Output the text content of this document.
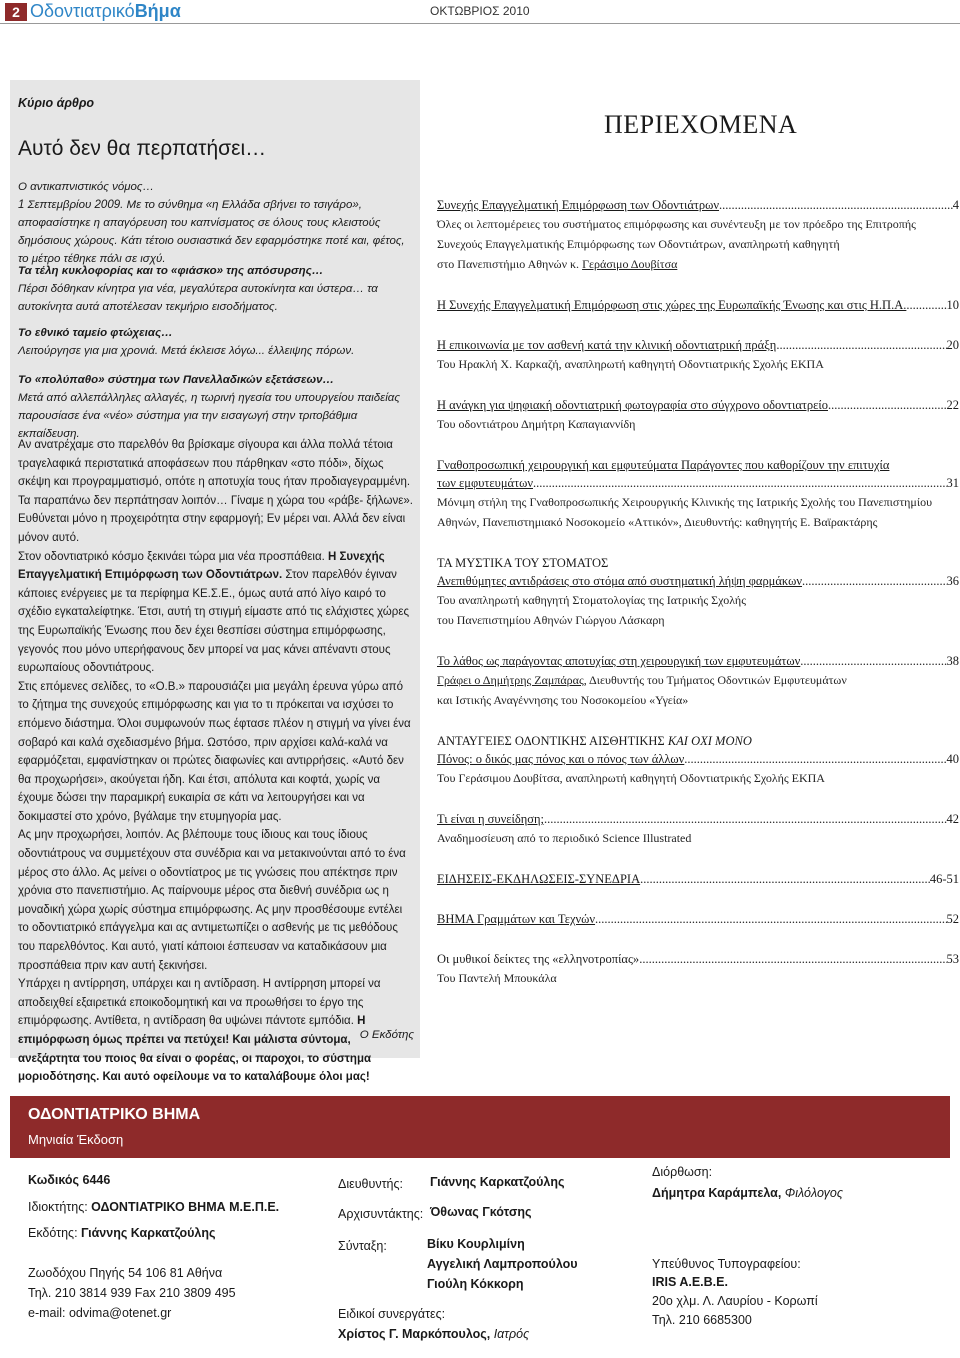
2 ΟδοντιατρικόΒήμα	ΟΚΤΩΒΡΙΟΣ 2010
Κύριο άρθρο
Αυτό δεν θα περπατήσει…
Ο αντικαπνιστικός νόμος…
1 Σεπτεμβρίου 2009. Με το σύνθημα «η Ελλάδα σβήνει το τσιγάρο», αποφασίστηκε η απαγόρευση του καπνίσματος σε όλους τους κλειστούς δημόσιους χώρους. Κάτι τέτοιο ουσιαστικά δεν εφαρμόστηκε ποτέ και, φέτος, το μέτρο τέθηκε πάλι σε ισχύ.
Τα τέλη κυκλοφορίας και το «φιάσκο» της απόσυρσης…
Πέρσι δόθηκαν κίνητρα για νέα, μεγαλύτερα αυτοκίνητα και ύστερα… τα αυτοκίνητα αυτά αποτέλεσαν τεκμήριο εισοδήματος.
Το εθνικό ταμείο φτώχειας…
Λειτούργησε για μια χρονιά. Μετά έκλεισε λόγω... έλλειψης πόρων.
Το «πολύπαθο» σύστημα των Πανελλαδικών εξετάσεων…
Μετά από αλλεπάλληλες αλλαγές, η τωρινή ηγεσία του υπουργείου παιδείας παρουσίασε ένα «νέο» σύστημα για την εισαγωγή στην τριτοβάθμια εκπαίδευση.

Αν ανατρέχαμε στο παρελθόν θα βρίσκαμε σίγουρα και άλλα πολλά τέτοια τραγελαφικά περιστατικά αποφάσεων που πάρθηκαν «στο πόδι», δίχως σκέψη και προγραμματισμό, οπότε η αποτυχία τους ήταν προδιαγεγραμμένη.

Τα παραπάνω δεν περπάτησαν λοιπόν… Γίναμε η χώρα του «ράβε- ξήλωνε». Ευθύνεται μόνο η προχειρότητα στην εφαρμογή; Εν μέρει ναι. Αλλά δεν είναι μόνον αυτό.

Στον οδοντιατρικό κόσμο ξεκινάει τώρα μια νέα προσπάθεια. Η Συνεχής Επαγγελματική Επιμόρφωση των Οδοντιάτρων. Στον παρελθόν έγιναν κάποιες ενέργειες με τα περίφημα ΚΕ.Σ.Ε., όμως αυτά από λίγο καιρό το σχέδιο εγκαταλείφτηκε. Έτσι, αυτή τη στιγμή είμαστε από τις ελάχιστες χώρες της Ευρωπαϊκής Ένωσης που δεν έχει θεσπίσει σύστημα επιμόρφωσης, γεγονός που μόνο υπερήφανους δεν μπορεί να μας κάνει απέναντι στους ευρωπαίους οδοντιάτρους.

Στις επόμενες σελίδες, το «Ο.Β.» παρουσιάζει μια μεγάλη έρευνα γύρω από το ζήτημα της συνεχούς επιμόρφωσης και για το τι πρόκειται να ισχύσει το επόμενο διάστημα. Όλοι συμφωνούν πως έφτασε πλέον η στιγμή να γίνει ένα σοβαρό και καλά σχεδιασμένο βήμα. Ωστόσο, πριν αρχίσει καλά-καλά να εφαρμόζεται, εμφανίστηκαν οι πρώτες διαφωνίες και αντιρρήσεις. «Αυτό δεν θα προχωρήσει», ακούγεται ήδη. Και έτσι, απόλυτα και κοφτά, χωρίς να έχουμε δώσει την παραμικρή ευκαιρία σε κάτι να λειτουργήσει και να δοκιμαστεί στο χρόνο, βγάλαμε την ετυμηγορία μας.

Ας μην προχωρήσει, λοιπόν. Ας βλέπουμε τους ίδιους και τους ίδιους οδοντιάτρους να συμμετέχουν στα συνέδρια και να μετακινούνται από το ένα μέρος στο άλλο. Ας μείνει ο οδοντίατρος με τις γνώσεις που απέκτησε πριν χρόνια στο πανεπιστήμιο. Ας παίρνουμε μέρος στα διεθνή συνέδρια ως η μοναδική χώρα χωρίς σύστημα επιμόρφωσης. Ας μην προσθέσουμε εντέλει το οδοντιατρικό επάγγελμα και ας αντιμετωπίζει ο ασθενής με τις μεθόδους του παρελθόντος. Και αυτό, γιατί κάποιοι έσπευσαν να καταδικάσουν μια προσπάθεια πριν καν αυτή ξεκινήσει.

Υπάρχει η αντίρρηση, υπάρχει και η αντίδραση. Η αντίρρηση μπορεί να αποδειχθεί εξαιρετικά εποικοδομητική και να προωθήσει το έργο της επιμόρφωσης. Αντίθετα, η αντίδραση θα υψώνει πάντοτε εμπόδια. Η επιμόρφωση όμως πρέπει να πετύχει! Και μάλιστα σύντομα, ανεξάρτητα του ποιος θα είναι ο φορέας, οι παροχοι, το σύστημα μοριοδότησης. Και αυτό οφείλουμε να το καταλάβουμε όλοι μας!

Ο Εκδότης
ΠΕΡΙΕΧΟΜΕΝΑ
Συνεχής Επαγγελματική Επιμόρφωση των Οδοντιάτρων .....	4
Όλες οι λεπτομέρειες του συστήματος επιμόρφωσης και συνέντευξη με τον πρόεδρο της Επιτροπής
Συνεχούς Επαγγελματικής Επιμόρφωσης των Οδοντιάτρων, αναπληρωτή καθηγητή
στο Πανεπιστήμιο Αθηνών κ. Γεράσιμο Δουβίτσα
Η Συνεχής Επαγγελματική Επιμόρφωση στις χώρες της Ευρωπαϊκής Ένωσης και στις Η.Π.Α. .....	10
Η επικοινωνία με τον ασθενή κατά την κλινική οδοντιατρική πράξη .....	20
Του Ηρακλή Χ. Καρκαζή, αναπληρωτή καθηγητή Οδοντιατρικής Σχολής ΕΚΠΑ
Η ανάγκη για ψηφιακή οδοντιατρική φωτογραφία στο σύγχρονο οδοντιατρείο .....	22
Του οδοντιάτρου Δημήτρη Καπαγιαννίδη
Γναθοπροσωπική χειρουργική και εμφυτεύματα Παράγοντες που καθορίζουν την επιτυχία
των εμφυτευμάτων .....	31
Μόνιμη στήλη της Γναθοπροσωπικής Χειρουργικής Κλινικής της Ιατρικής Σχολής του Πανεπιστημίου
Αθηνών, Πανεπιστημιακό Νοσοκομείο «Αττικόν», Διευθυντής: καθηγητής Ε. Βαϊρακτάρης
ΤΑ ΜΥΣΤΙΚΑ ΤΟΥ ΣΤΟΜΑΤΟΣ
Ανεπιθύμητες αντιδράσεις στο στόμα από συστηματική λήψη φαρμάκων .....	36
Του αναπληρωτή καθηγητή Στοματολογίας της Ιατρικής Σχολής
του Πανεπιστημίου Αθηνών Γιώργου Λάσκαρη
Το λάθος ως παράγοντας αποτυχίας στη χειρουργική των εμφυτευμάτων .....	38
Γράφει ο Δημήτρης Ζαμπάρας, Διευθυντής του Τμήματος Οδοντικών Εμφυτευμάτων
και Ιστικής Αναγέννησης του Νοσοκομείου «Υγεία»
ΑΝΤΑΥΓΕΙΕΣ ΟΔΟΝΤΙΚΗΣ ΑΙΣΘΗΤΙΚΗΣ ΚΑΙ ΟΧΙ ΜΟΝΟ
Πόνος: ο δικός μας πόνος και ο πόνος των άλλων .....	40
Του Γεράσιμου Δουβίτσα, αναπληρωτή καθηγητή Οδοντιατρικής Σχολής ΕΚΠΑ
Τι είναι η συνείδηση; .....	42
Αναδημοσίευση από το περιοδικό Science Illustrated
ΕΙΔΗΣΕΙΣ-ΕΚΔΗΛΩΣΕΙΣ-ΣΥΝΕΔΡΙΑ .....	46-51
ΒΗΜΑ Γραμμάτων και Τεχνών .....	52
Οι μυθικοί δείκτες της «ελληνοτροπίας» .....	53
Του Παντελή Μπουκάλα
ΟΔΟΝΤΙΑΤΡΙΚΟ ΒΗΜΑ
Μηνιαία Έκδοση
Κωδικός 6446
Ιδιοκτήτης: ΟΔΟΝΤΙΑΤΡΙΚΟ ΒΗΜΑ Μ.Ε.Π.Ε.
Εκδότης: Γιάννης Καρκατζούλης
Ζωοδόχου Πηγής 54 106 81 Αθήνα
Τηλ. 210 3814 939 Fax 210 3809 495
e-mail: odvima@otenet.gr
Διευθυντής: Γιάννης Καρκατζούλης
Αρχισυντάκτης: Όθωνας Γκότσης
Σύνταξη:	Βίκυ Κουρλιμίνη
Αγγελική Λαμπροπούλου
Γιούλη Κόκκορη
Ειδικοί συνεργάτες:
Χρίστος Γ. Μαρκόπουλος, Ιατρός
Διόρθωση:
Δήμητρα Καράμπελα, Φιλόλογος
Υπεύθυνος Τυπογραφείου:
IRIS A.E.B.E.
20ο χλμ. Λ. Λαυρίου - Κορωπί
Τηλ. 210 6685300
